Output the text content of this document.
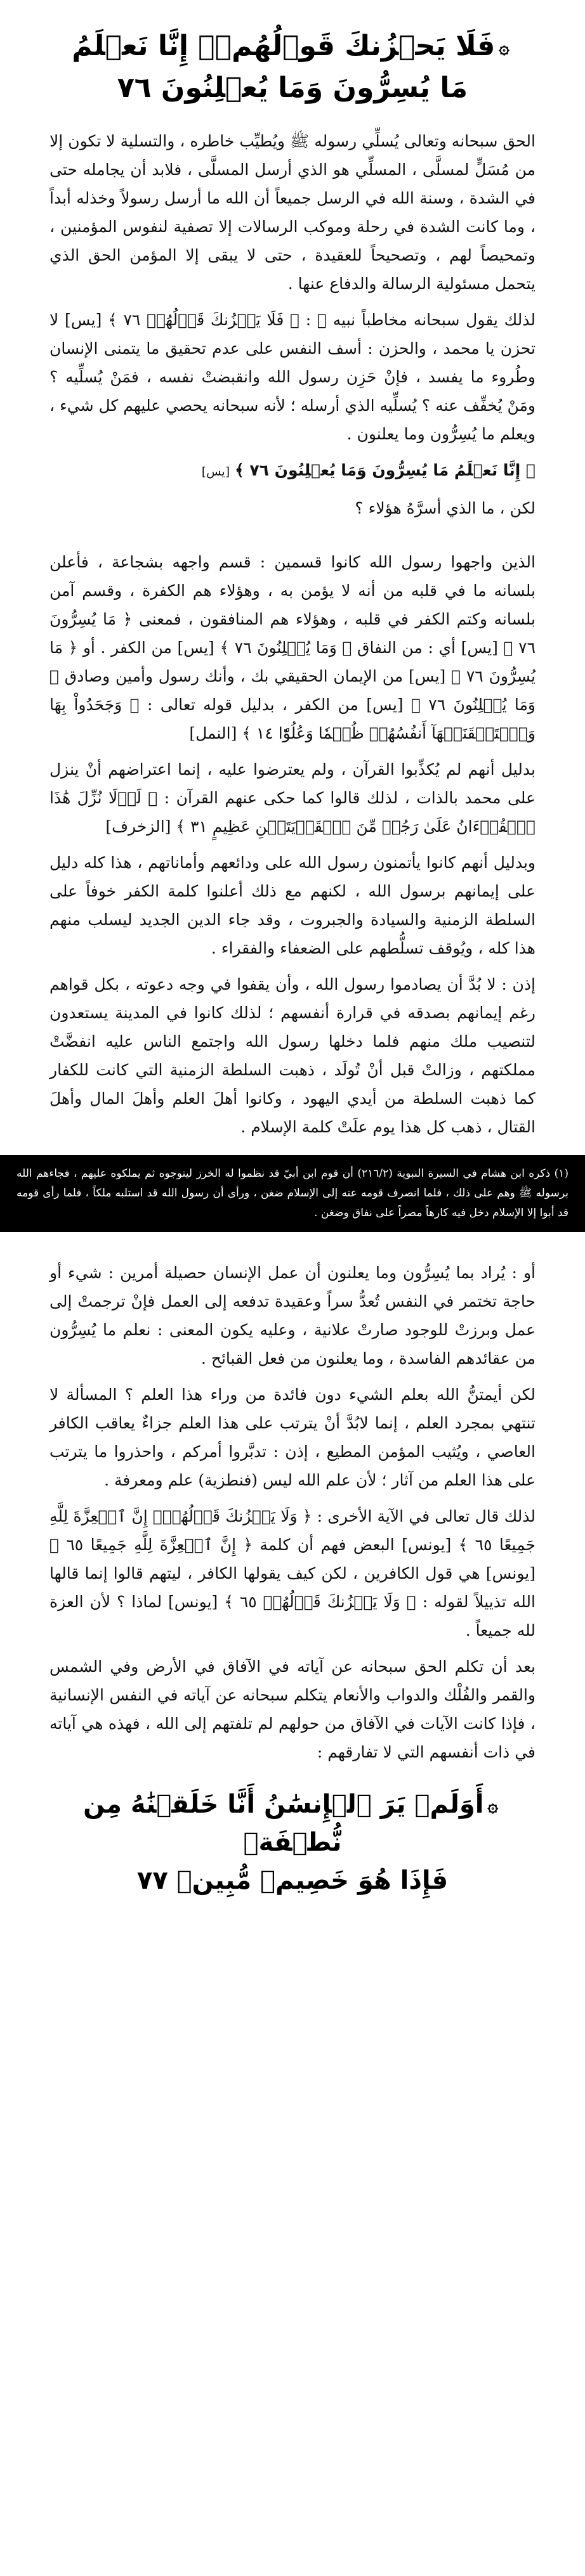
۞فَلَا يَحۡزُنكَ قَوۡلُهُمۡۘ إِنَّا نَعۡلَمُ
مَا يُسِرُّونَ وَمَا يُعۡلِنُونَ ٧٦

الحق سبحانه وتعالى يُسلِّي رسوله ﷺ ويُطيِّب خاطره ، والتسلية لا تكون إلا من مُسَلٍّ لمسلَّى ، المسلِّي هو الذي أرسل المسلَّى ، فلابد أن يجامله حتى في الشدة ، وسنة الله في الرسل جميعاً أن الله ما أرسل رسولاً وخذله أبداً ، وما كانت الشدة في رحلة وموكب الرسالات إلا تصفية لنفوس المؤمنين ، وتمحيصاً لهم ، وتصحيحاً للعقيدة ، حتى لا يبقى إلا المؤمن الحق الذي يتحمل مسئولية الرسالة والدفاع عنها .

لذلك يقول سبحانه مخاطباً نبيه ﷺ : ﴿ فَلَا يَحۡزُنكَ قَوۡلُهُمۡ ٧٦ ﴾ [يس] لا تحزن يا محمد ، والحزن : أسف النفس على عدم تحقيق ما يتمنى الإنسان وطُروء ما يفسد ، فإنْ حَزِن رسول الله وانقبضتْ نفسه ، فمَنْ يُسلِّيه ؟ ومَنْ يُخفِّف عنه ؟ يُسلِّيه الذي أرسله ؛ لأنه سبحانه يحصي عليهم كل شيء ، ويعلم ما يُسِرُّون وما يعلنون .

﴿ إِنَّا نَعۡلَمُ مَا يُسِرُّونَ وَمَا يُعۡلِنُونَ ٧٦ ﴾ [يس]

لكن ، ما الذي أسرَّهُ هؤلاء ؟

الذين واجهوا رسول الله كانوا قسمين : قسم واجهه بشجاعة ، فأعلن بلسانه ما في قلبه من أنه لا يؤمن به ، وهؤلاء هم الكفرة ، وقسم آمن بلسانه وكتم الكفر في قلبه ، وهؤلاء هم المنافقون ، فمعنى ﴿ مَا يُسِرُّونَ ٧٦ ﴾ [يس] أي : من النفاق ﴿ وَمَا يُعۡلِنُونَ ٧٦ ﴾ [يس] من الكفر . أو ﴿ مَا يُسِرُّونَ ٧٦ ﴾ [يس] من الإيمان الحقيقي بك ، وأنك رسول وأمين وصادق ﴿ وَمَا يُعۡلِنُونَ ٧٦ ﴾ [يس] من الكفر ، بدليل قوله تعالى : ﴿ وَجَحَدُواْ بِهَا وَٱسۡتَيۡقَنَتۡهَآ أَنفُسُهُمۡ ظُلۡمٗا وَعُلُوّٗا ١٤ ﴾ [النمل]

بدليل أنهم لم يُكذِّبوا القرآن ، ولم يعترضوا عليه ، إنما اعتراضهم أنْ ينزل على محمد بالذات ، لذلك قالوا كما حكى عنهم القرآن : ﴿ لَوۡلَا نُزِّلَ هَٰذَا ٱلۡقُرۡءَانُ عَلَىٰ رَجُلٖ مِّنَ ٱلۡقَرۡيَتَيۡنِ عَظِيمٍ ٣١ ﴾ [الزخرف]

وبدليل أنهم كانوا يأتمنون رسول الله على ودائعهم وأماناتهم ، هذا كله دليل على إيمانهم برسول الله ، لكنهم مع ذلك أعلنوا كلمة الكفر خوفاً على السلطة الزمنية والسيادة والجبروت ، وقد جاء الدين الجديد ليسلب منهم هذا كله ، ويُوقف تسلُّطهم على الضعفاء والفقراء .

إذن : لا بُدَّ أن يصادموا رسول الله ، وأن يقفوا في وجه دعوته ، بكل قواهم رغم إيمانهم بصدقه في قرارة أنفسهم ؛ لذلك كانوا في المدينة يستعدون لتنصيب ملك منهم فلما دخلها رسول الله واجتمع الناس عليه انفضَّتْ مملكتهم ، وزالتْ قبل أنْ تُولَد ، ذهبت السلطة الزمنية التي كانت للكفار كما ذهبت السلطة من أيدي اليهود ، وكانوا أهلَ العلم وأهلَ المال وأهلَ القتال ، ذهب كل هذا يوم علَتْ كلمة الإسلام .

(١) ذكره ابن هشام في السيرة النبوية (٢١٦/٢) أن قوم ابن أبيّ قد نظموا له الخرز ليتوجوه ثم يملكوه عليهم ، فجاءهم الله برسوله ﷺ وهم على ذلك ، فلما انصرف قومه عنه إلى الإسلام ضغن ، ورأى أن رسول الله قد استلبه ملكاً ، فلما رأى قومه قد أبوا إلا الإسلام دخل فيه كارهاً مصراً على نفاق وضغن .

أو : يُراد بما يُسِرُّون وما يعلنون أن عمل الإنسان حصيلة أمرين : شيء أو حاجة تختمر في النفس تُعدُّ سراً وعقيدة تدفعه إلى العمل فإنْ ترجمتْ إلى عمل وبرزتْ للوجود صارتْ علانية ، وعليه يكون المعنى : نعلم ما يُسِرُّون من عقائدهم الفاسدة ، وما يعلنون من فعل القبائح .

لكن أيمتنُّ الله بعلم الشيء دون فائدة من وراء هذا العلم ؟ المسألة لا تنتهي بمجرد العلم ، إنما لابُدَّ أنْ يترتب على هذا العلم جزاءٌ يعاقب الكافر العاصي ، ويُثيب المؤمن المطيع ، إذن : تدبَّروا أمركم ، واحذروا ما يترتب على هذا العلم من آثار ؛ لأن علم الله ليس (فنطزية) علم ومعرفة .

لذلك قال تعالى في الآية الأخرى : ﴿ وَلَا يَحۡزُنكَ قَوۡلُهُمۡۘ إِنَّ ٱلۡعِزَّةَ لِلَّهِ جَمِيعًا ٦٥ ﴾ [يونس] البعض فهم أن كلمة ﴿ إِنَّ ٱلۡعِزَّةَ لِلَّهِ جَمِيعًا ٦٥ ﴾ [يونس] هي قول الكافرين ، لكن كيف يقولها الكافر ، ليتهم قالوا إنما قالها الله تذييلاً لقوله : ﴿ وَلَا يَحۡزُنكَ قَوۡلُهُمۡ ٦٥ ﴾ [يونس] لماذا ؟ لأن العزة لله جميعاً .

بعد أن تكلم الحق سبحانه عن آياته في الآفاق في الأرض وفي الشمس والقمر والفُلْك والدواب والأنعام يتكلم سبحانه عن آياته في النفس الإنسانية ، فإذا كانت الآيات في الآفاق من حولهم لم تلفتهم إلى الله ، فهذه هي آياته في ذات أنفسهم التي لا تفارقهم :

۞أَوَلَمۡ يَرَ ٱلۡإِنسَٰنُ أَنَّا خَلَقۡنَٰهُ مِن نُّطۡفَةٖ
فَإِذَا هُوَ خَصِيمٞ مُّبِينٞ ٧٧
